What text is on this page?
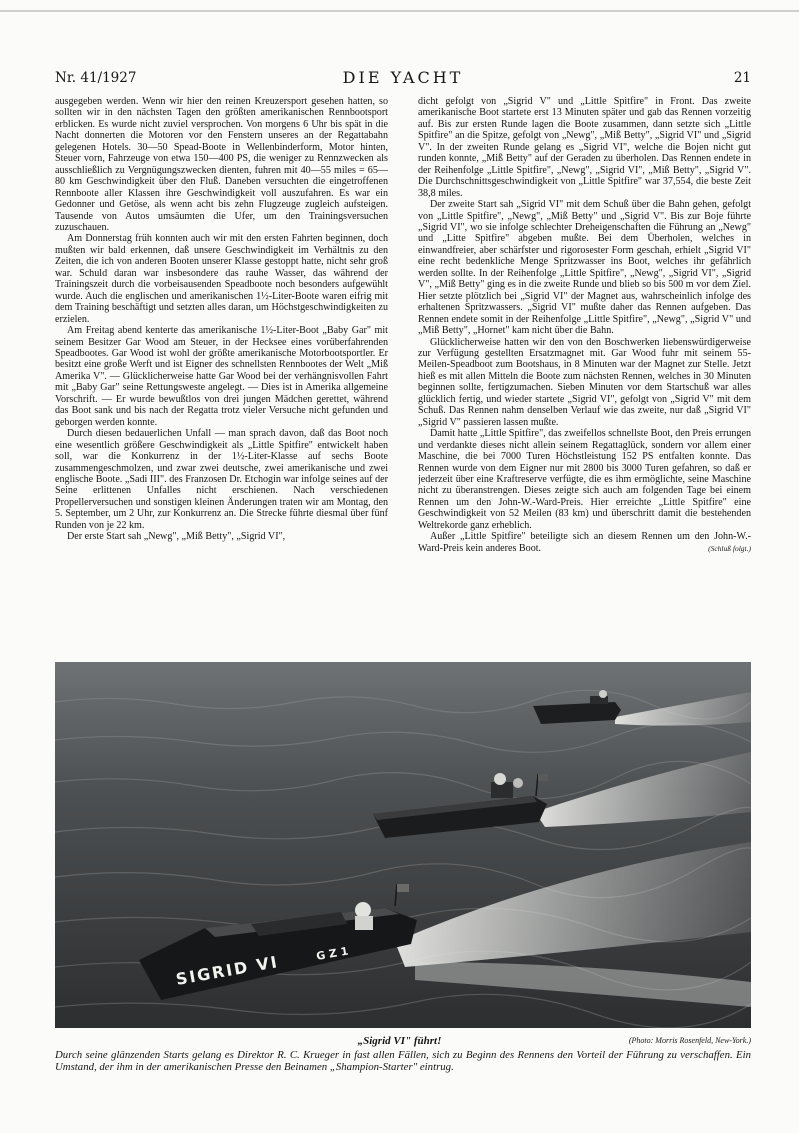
Nr. 41/1927	DIE YACHT	21

ausgegeben werden. Wenn wir hier den reinen Kreuzersport gesehen hatten, so sollten wir in den nächsten Tagen den größten amerikanischen Rennbootsport erblicken. Es wurde nicht zuviel versprochen. Von morgens 6 Uhr bis spät in die Nacht donnerten die Motoren vor den Fenstern unseres an der Regattabahn gelegenen Hotels. 30—50 Spead-Boote in Wellenbinderform, Motor hinten, Steuer vorn, Fahrzeuge von etwa 150—400 PS, die weniger zu Rennzwecken als ausschließlich zu Vergnügungszwecken dienten, fuhren mit 40—55 miles = 65—80 km Geschwindigkeit über den Fluß. Daneben versuchten die eingetroffenen Rennboote aller Klassen ihre Geschwindigkeit voll auszufahren. Es war ein Gedonner und Getöse, als wenn acht bis zehn Flugzeuge zugleich aufsteigen. Tausende von Autos umsäumten die Ufer, um den Trainingsversuchen zuzuschauen.

Am Donnerstag früh konnten auch wir mit den ersten Fahrten beginnen, doch mußten wir bald erkennen, daß unsere Geschwindigkeit im Verhältnis zu den Zeiten, die ich von anderen Booten unserer Klasse gestoppt hatte, nicht sehr groß war. Schuld daran war insbesondere das rauhe Wasser, das während der Trainingszeit durch die vorbeisausenden Speadboote noch besonders aufgewühlt wurde. Auch die englischen und amerikanischen 1½-Liter-Boote waren eifrig mit dem Training beschäftigt und setzten alles daran, um Höchstgeschwindigkeiten zu erzielen.

Am Freitag abend kenterte das amerikanische 1½-Liter-Boot „Baby Gar" mit seinem Besitzer Gar Wood am Steuer, in der Hecksee eines vorüberfahrenden Speadbootes. Gar Wood ist wohl der größte amerikanische Motorbootsportler. Er besitzt eine große Werft und ist Eigner des schnellsten Rennbootes der Welt „Miß Amerika V". — Glücklicherweise hatte Gar Wood bei der verhängnisvollen Fahrt mit „Baby Gar" seine Rettungsweste angelegt. — Dies ist in Amerika allgemeine Vorschrift. — Er wurde bewußtlos von drei jungen Mädchen gerettet, während das Boot sank und bis nach der Regatta trotz vieler Versuche nicht gefunden und geborgen werden konnte.

Durch diesen bedauerlichen Unfall — man sprach davon, daß das Boot noch eine wesentlich größere Geschwindigkeit als „Little Spitfire" entwickelt haben soll, war die Konkurrenz in der 1½-Liter-Klasse auf sechs Boote zusammengeschmolzen, und zwar zwei deutsche, zwei amerikanische und zwei englische Boote. „Sadi III". des Franzosen Dr. Etchogin war infolge seines auf der Seine erlittenen Unfalles nicht erschienen. Nach verschiedenen Propellerversuchen und sonstigen kleinen Änderungen traten wir am Montag, den 5. September, um 2 Uhr, zur Konkurrenz an. Die Strecke führte diesmal über fünf Runden von je 22 km.

Der erste Start sah „Newg", „Miß Betty", „Sigrid VI",

dicht gefolgt von „Sigrid V" und „Little Spitfire" in Front. Das zweite amerikanische Boot startete erst 13 Minuten später und gab das Rennen vorzeitig auf. Bis zur ersten Runde lagen die Boote zusammen, dann setzte sich „Little Spitfire" an die Spitze, gefolgt von „Newg", „Miß Betty", „Sigrid VI" und „Sigrid V". In der zweiten Runde gelang es „Sigrid VI", welche die Bojen nicht gut runden konnte, „Miß Betty" auf der Geraden zu überholen. Das Rennen endete in der Reihenfolge „Little Spitfire", „Newg", „Sigrid VI", „Miß Betty", „Sigrid V". Die Durchschnittsgeschwindigkeit von „Little Spitfire" war 37,554, die beste Zeit 38,8 miles.

Der zweite Start sah „Sigrid VI" mit dem Schuß über die Bahn gehen, gefolgt von „Little Spitfire", „Newg", „Miß Betty" und „Sigrid V". Bis zur Boje führte „Sigrid VI", wo sie infolge schlechter Dreheigenschaften die Führung an „Newg" und „Litte Spitfire" abgeben mußte. Bei dem Überholen, welches in einwandfreier, aber schärfster und rigorosester Form geschah, erhielt „Sigrid VI" eine recht bedenkliche Menge Spritzwasser ins Boot, welches ihr gefährlich werden sollte. In der Reihenfolge „Little Spitfire", „Newg", „Sigrid VI", „Sigrid V", „Miß Betty" ging es in die zweite Runde und blieb so bis 500 m vor dem Ziel. Hier setzte plötzlich bei „Sigrid VI" der Magnet aus, wahrscheinlich infolge des erhaltenen Spritzwassers. „Sigrid VI" mußte daher das Rennen aufgeben. Das Rennen endete somit in der Reihenfolge „Little Spitfire", „Newg", „Sigrid V" und „Miß Betty", „Hornet" kam nicht über die Bahn.

Glücklicherweise hatten wir den von den Boschwerken liebenswürdigerweise zur Verfügung gestellten Ersatzmagnet mit. Gar Wood fuhr mit seinem 55-Meilen-Speadboot zum Bootshaus, in 8 Minuten war der Magnet zur Stelle. Jetzt hieß es mit allen Mitteln die Boote zum nächsten Rennen, welches in 30 Minuten beginnen sollte, fertigzumachen. Sieben Minuten vor dem Startschuß war alles glücklich fertig, und wieder startete „Sigrid VI", gefolgt von „Sigrid V" mit dem Schuß. Das Rennen nahm denselben Verlauf wie das zweite, nur daß „Sigrid VI" „Sigrid V" passieren lassen mußte.

Damit hatte „Little Spitfire", das zweifellos schnellste Boot, den Preis errungen und verdankte dieses nicht allein seinem Regattaglück, sondern vor allem einer Maschine, die bei 7000 Turen Höchstleistung 152 PS entfalten konnte. Das Rennen wurde von dem Eigner nur mit 2800 bis 3000 Turen gefahren, so daß er jederzeit über eine Kraftreserve verfügte, die es ihm ermöglichte, seine Maschine nicht zu überanstrengen. Dieses zeigte sich auch am folgenden Tage bei einem Rennen um den John-W.-Ward-Preis. Hier erreichte „Little Spitfire" eine Geschwindigkeit von 52 Meilen (83 km) und überschritt damit die bestehenden Weltrekorde ganz erheblich.

Außer „Little Spitfire" beteiligte sich an diesem Rennen um den John-W.-Ward-Preis kein anderes Boot.	(Schluß folgt.)

SIGRID VI	G Z 1
(Photo: Morris Rosenfeld, New-York.)
„Sigrid VI" führt!
Durch seine glänzenden Starts gelang es Direktor R. C. Krueger in fast allen Fällen, sich zu Beginn des Rennens den Vorteil der Führung zu verschaffen. Ein Umstand, der ihm in der amerikanischen Presse den Beinamen „Shampion-Starter" eintrug.
